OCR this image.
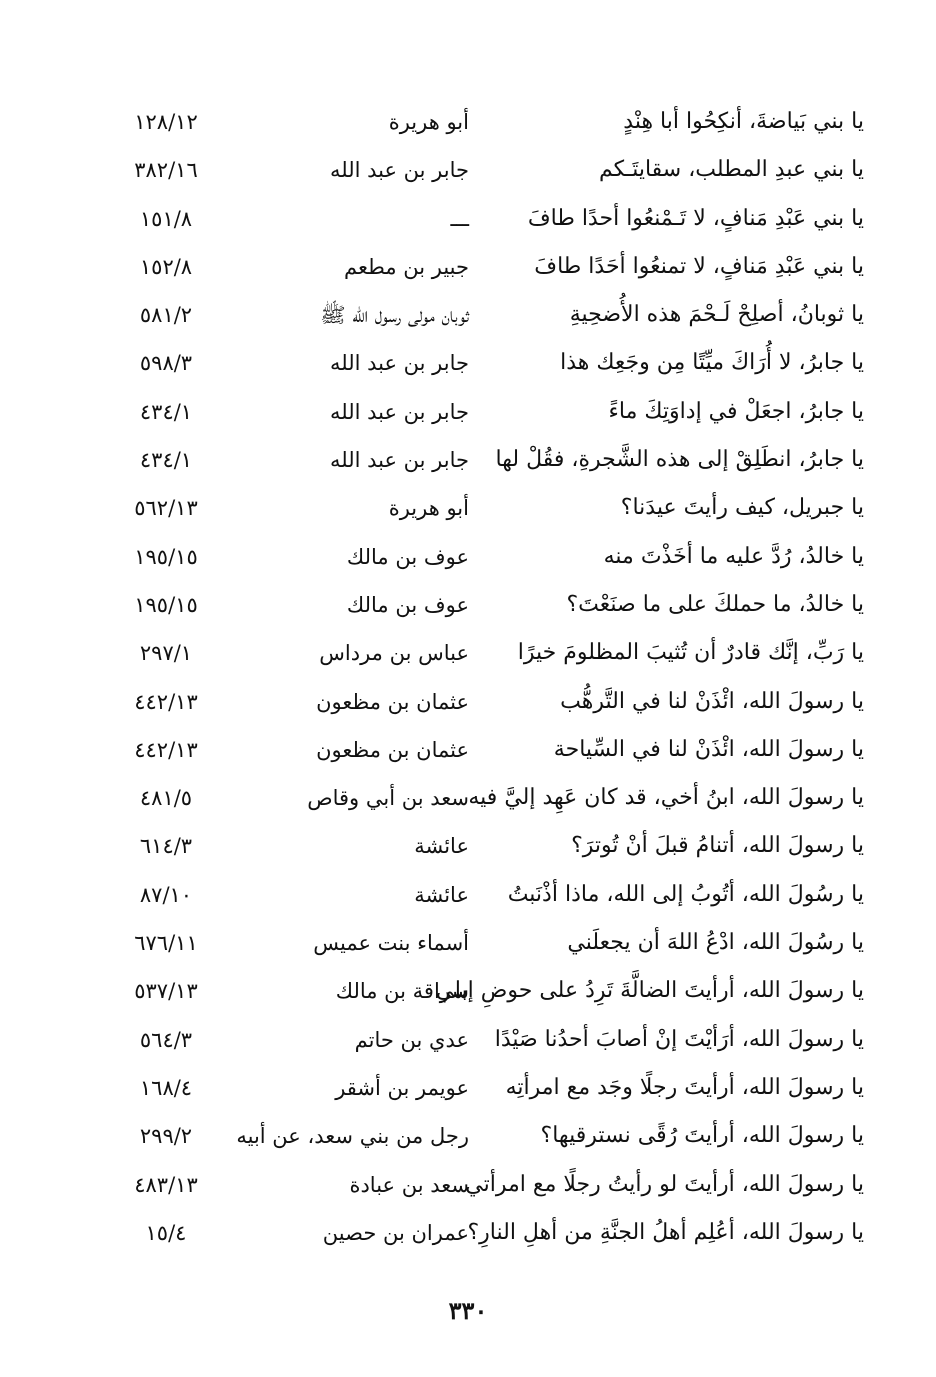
يا بني بَياضةَ، أنكِحُوا أبا هِنْدٍ
أبو هريرة
١٢٨/١٢
يا بني عبدِ المطلب، سقايتَـكم
جابر بن عبد الله
٣٨٢/١٦
يا بني عَبْدِ مَنافٍ، لا تَـمْنعُوا أحدًا طافَ
ـــ
١٥١/٨
يا بني عَبْدِ مَنافٍ، لا تمنعُوا أحَدًا طافَ
جبير بن مطعم
١٥٢/٨
يا ثوبانُ، أصلِحْ لَـحْمَ هذه الأُضحِيةِ
ثوبان مولى رسول الله ﷺ
٥٨١/٢
يا جابرُ، لا أُرَاكَ ميِّتًا مِن وجَعِك هذا
جابر بن عبد الله
٥٩٨/٣
يا جابرُ، اجعَلْ في إداوَتِكَ ماءً
جابر بن عبد الله
٤٣٤/١
يا جابرُ، انطَلِقْ إلى هذه الشَّجرةِ، فقُلْ لها
جابر بن عبد الله
٤٣٤/١
يا جبريل، كيف رأيتَ عيدَنا؟
أبو هريرة
٥٦٢/١٣
يا خالدُ، رُدَّ عليه ما أخَذْتَ منه
عوف بن مالك
١٩٥/١٥
يا خالدُ، ما حملكَ على ما صنَعْتَ؟
عوف بن مالك
١٩٥/١٥
يا رَبِّ، إنَّك قادرٌ أن تُثيبَ المظلومَ خيرًا
عباس بن مرداس
٢٩٧/١
يا رسولَ الله، ائْذَنْ لنا في التَّرهُّب
عثمان بن مظعون
٤٤٢/١٣
يا رسولَ الله، ائْذَنْ لنا في السِّياحة
عثمان بن مظعون
٤٤٢/١٣
يا رسولَ الله، ابنُ أخي، قد كان عَهِد إليَّ فيه
سعد بن أبي وقاص
٤٨١/٥
يا رسولَ الله، أتنامُ قبلَ أنْ تُوترَ؟
عائشة
٦١٤/٣
يا رسُولَ الله، أتُوبُ إلى الله، ماذا أذْنَبتُ
عائشة
٨٧/١٠
يا رسُولَ الله، ادْعُ اللهَ أن يجعلَني
أسماء بنت عميس
٦٧٦/١١
يا رسولَ الله، أرأيتَ الضالَّةَ تَرِدُ على حوضِ إبلي
سراقة بن مالك
٥٣٧/١٣
يا رسولَ الله، أرَأيْتَ إنْ أصابَ أحدُنا صَيْدًا
عدي بن حاتم
٥٦٤/٣
يا رسولَ الله، أرأيتَ رجلًا وجَد مع امرأتِه
عويمر بن أشقر
١٦٨/٤
يا رسولَ الله، أرأيتَ رُقًى نسترقيها؟
رجل من بني سعد، عن أبيه
٢٩٩/٢
يا رسولَ الله، أرأيتَ لو رأيتُ رجلًا مع امرأتي
سعد بن عبادة
٤٨٣/١٣
يا رسولَ الله، أعُلِم أهلُ الجنَّةِ من أهلِ النارِ؟
عمران بن حصين
١٥/٤
٣٣٠
